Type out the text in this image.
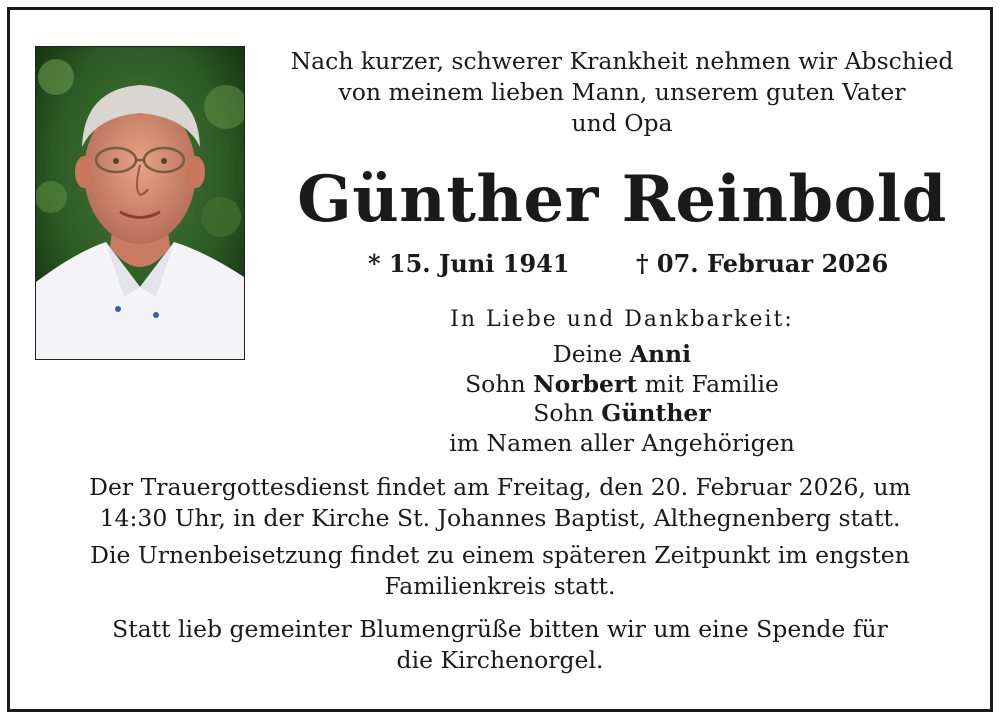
Nach kurzer, schwerer Krankheit nehmen wir Abschied
von meinem lieben Mann, unserem guten Vater
und Opa
Günther Reinbold
* 15. Juni 1941	† 07. Februar 2026
In Liebe und Dankbarkeit:
Deine Anni
Sohn Norbert mit Familie
Sohn Günther
im Namen aller Angehörigen
Der Trauergottesdienst findet am Freitag, den 20. Februar 2026, um
14:30 Uhr, in der Kirche St. Johannes Baptist, Althegnenberg statt.
Die Urnenbeisetzung findet zu einem späteren Zeitpunkt im engsten
Familienkreis statt.
Statt lieb gemeinter Blumengrüße bitten wir um eine Spende für
die Kirchenorgel.
